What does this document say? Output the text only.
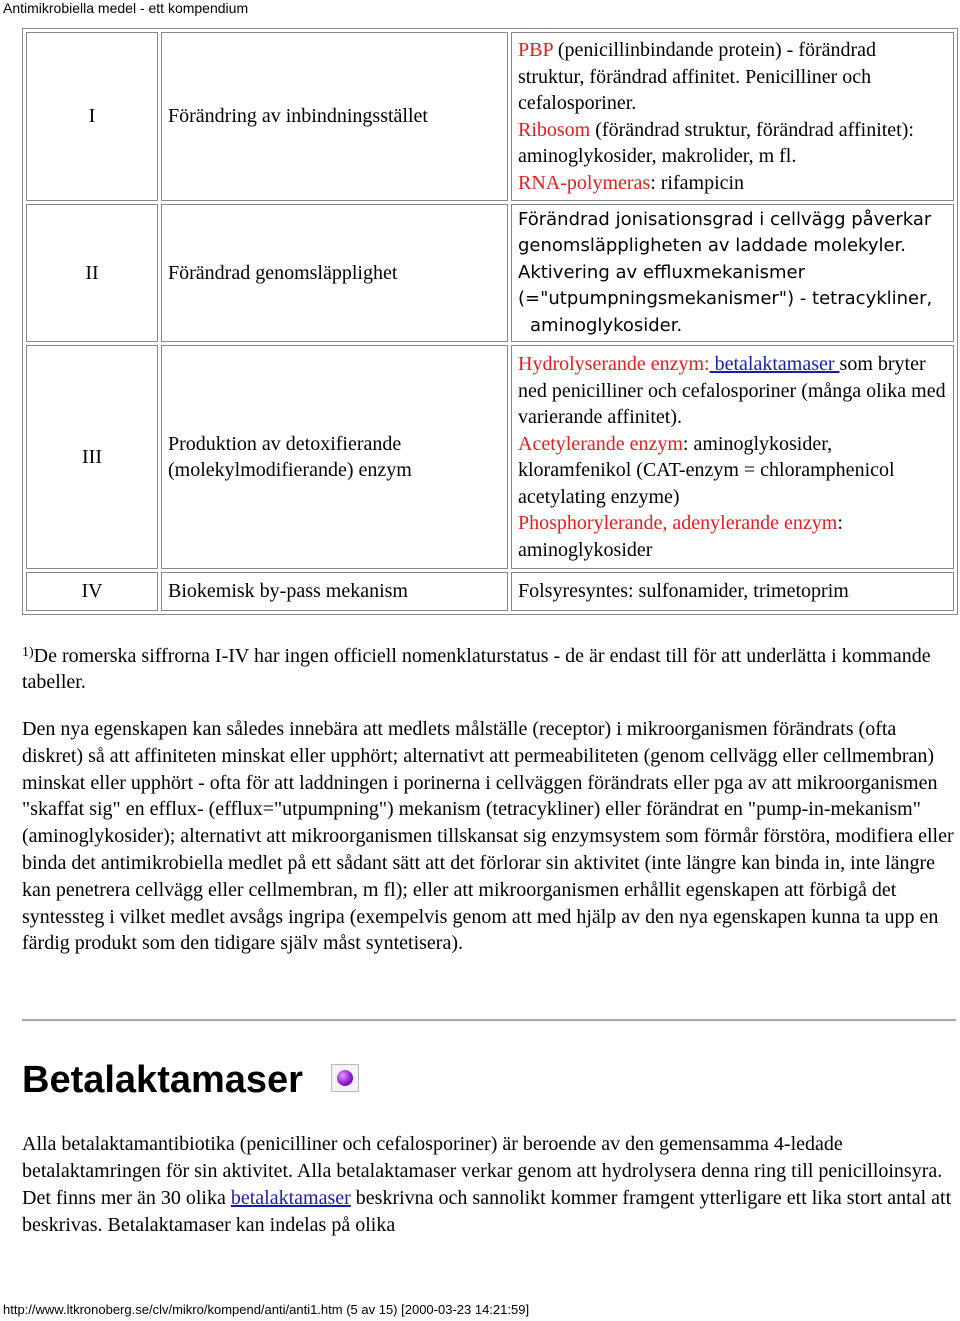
Antimikrobiella medel - ett kompendium
I	Förändring av inbindningsstället	PBP (penicillinbindande protein) - förändrad struktur, förändrad affinitet. Penicilliner och cefalosporiner.
Ribosom (förändrad struktur, förändrad affinitet): aminoglykosider, makrolider, m fl.
RNA-polymeras: rifampicin
II	Förändrad genomsläpplighet	Förändrad jonisationsgrad i cellvägg påverkar genomsläppligheten av laddade molekyler.
Aktivering av effluxmekanismer (="utpumpningsmekanismer") - tetracykliner,
aminoglykosider.
III	Produktion av detoxifierande (molekylmodifierande) enzym	Hydrolyserande enzym: betalaktamaser som bryter ned penicilliner och cefalosporiner (många olika med varierande affinitet).
Acetylerande enzym: aminoglykosider, kloramfenikol (CAT-enzym = chloramphenicol acetylating enzyme)
Phosphorylerande, adenylerande enzym: aminoglykosider
IV	Biokemisk by-pass mekanism	Folsyresyntes: sulfonamider, trimetoprim
$^{1)}$De romerska siffrorna I-IV har ingen officiell nomenklaturstatus - de är endast till för att underlätta i kommande tabeller.
Den nya egenskapen kan således innebära att medlets målställe (receptor) i mikroorganismen förändrats (ofta diskret) så att affiniteten minskat eller upphört; alternativt att permeabiliteten (genom cellvägg eller cellmembran) minskat eller upphört - ofta för att laddningen i porinerna i cellväggen förändrats eller pga av att mikroorganismen "skaffat sig" en efflux- (efflux="utpumpning") mekanism (tetracykliner) eller förändrat en "pump-in-mekanism" (aminoglykosider); alternativt att mikroorganismen tillskansat sig enzymsystem som förmår förstöra, modifiera eller binda det antimikrobiella medlet på ett sådant sätt att det förlorar sin aktivitet (inte längre kan binda in, inte längre kan penetrera cellvägg eller cellmembran, m fl); eller att mikroorganismen erhållit egenskapen att förbigå det syntessteg i vilket medlet avsågs ingripa (exempelvis genom att med hjälp av den nya egenskapen kunna ta upp en färdig produkt som den tidigare själv måst syntetisera).
Betalaktamaser
Alla betalaktamantibiotika (penicilliner och cefalosporiner) är beroende av den gemensamma 4-ledade betalaktamringen för sin aktivitet. Alla betalaktamaser verkar genom att hydrolysera denna ring till penicilloinsyra. Det finns mer än 30 olika betalaktamaser beskrivna och sannolikt kommer framgent ytterligare ett lika stort antal att beskrivas. Betalaktamaser kan indelas på olika
http://www.ltkronoberg.se/clv/mikro/kompend/anti/anti1.htm (5 av 15) [2000-03-23 14:21:59]
